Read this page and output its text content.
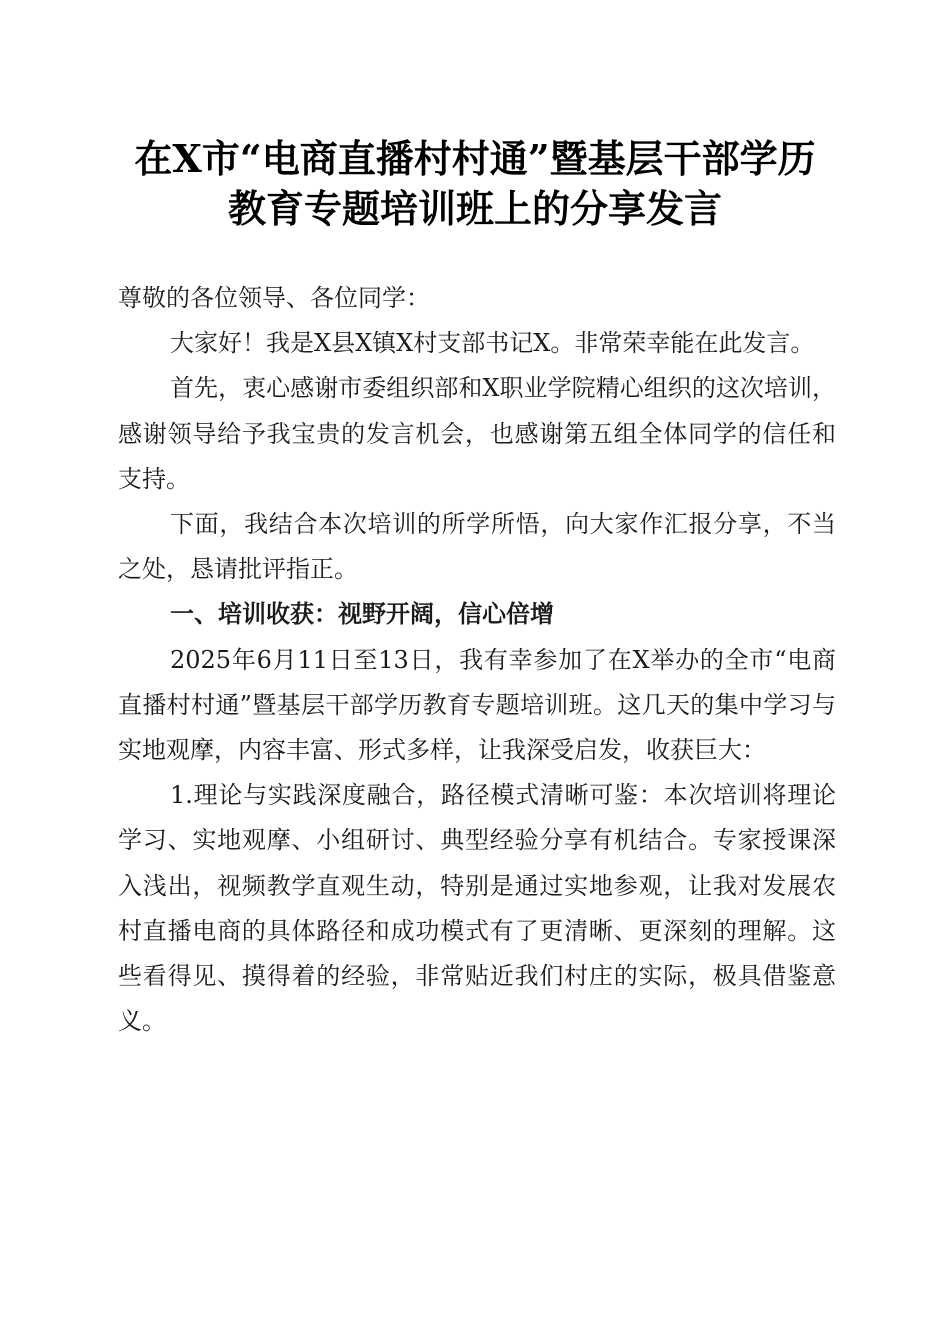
在X市“电商直播村村通”暨基层干部学历
教育专题培训班上的分享发言

尊敬的各位领导、各位同学：

大家好！我是X县X镇X村支部书记X。非常荣幸能在此发言。

首先，衷心感谢市委组织部和X职业学院精心组织的这次培训，感谢领导给予我宝贵的发言机会，也感谢第五组全体同学的信任和支持。

下面，我结合本次培训的所学所悟，向大家作汇报分享，不当之处，恳请批评指正。

一、培训收获：视野开阔，信心倍增

2025年6月11日至13日，我有幸参加了在X举办的全市“电商直播村村通”暨基层干部学历教育专题培训班。这几天的集中学习与实地观摩，内容丰富、形式多样，让我深受启发，收获巨大：

1.理论与实践深度融合，路径模式清晰可鉴：本次培训将理论学习、实地观摩、小组研讨、典型经验分享有机结合。专家授课深入浅出，视频教学直观生动，特别是通过实地参观，让我对发展农村直播电商的具体路径和成功模式有了更清晰、更深刻的理解。这些看得见、摸得着的经验，非常贴近我们村庄的实际，极具借鉴意义。
